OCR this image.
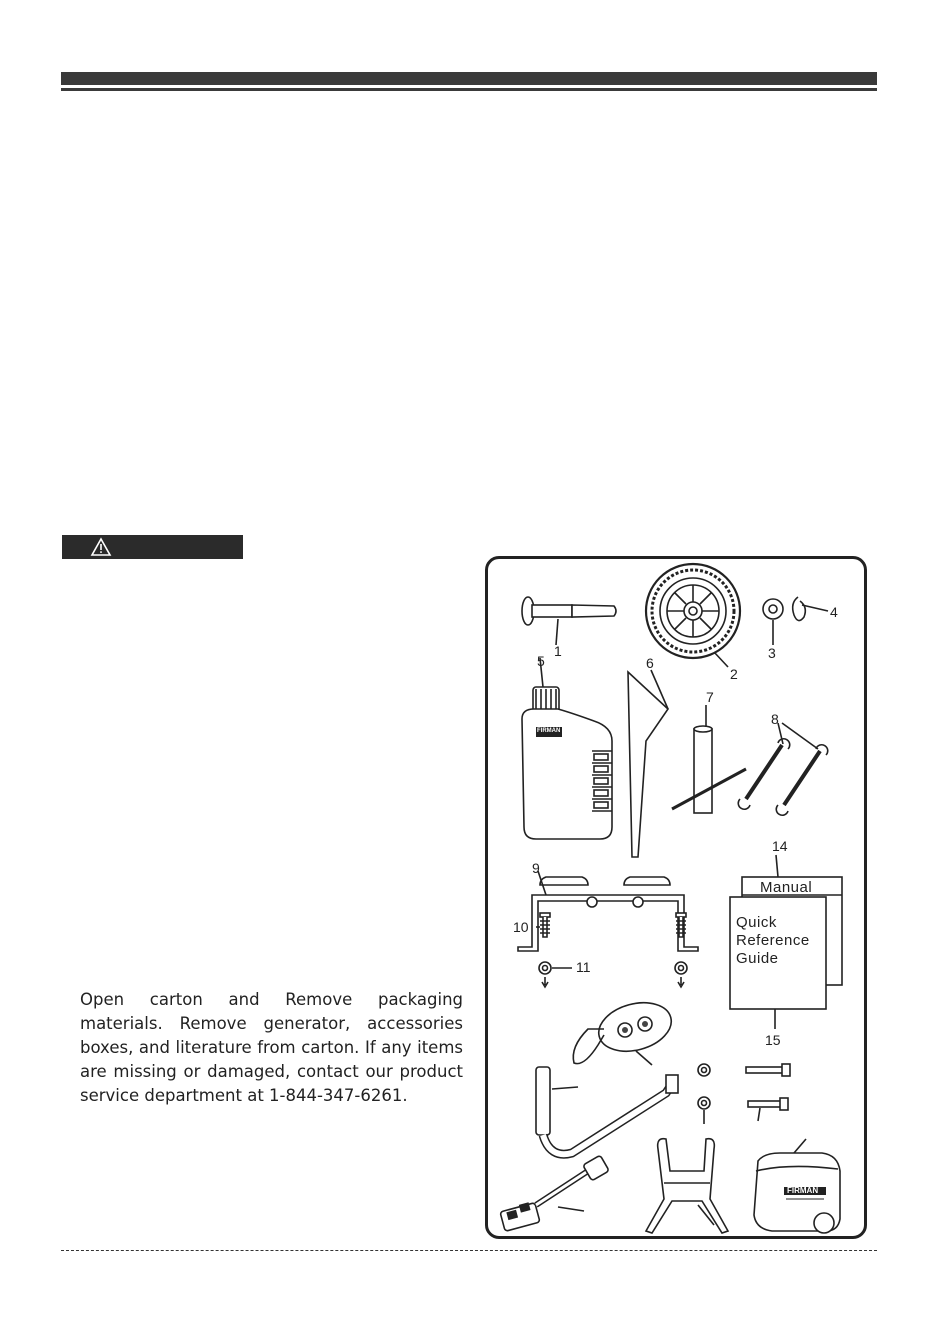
Open carton and Remove packaging materials. Remove generator, accessories boxes, and literature from carton. If any items are missing or damaged, contact our product service department at 1-844-347-6261.
1
2
3
4
5	6
7
8
9
10
11
14
15
Manual
Quick
Reference
Guide
FIRMAN
FIRMAN
